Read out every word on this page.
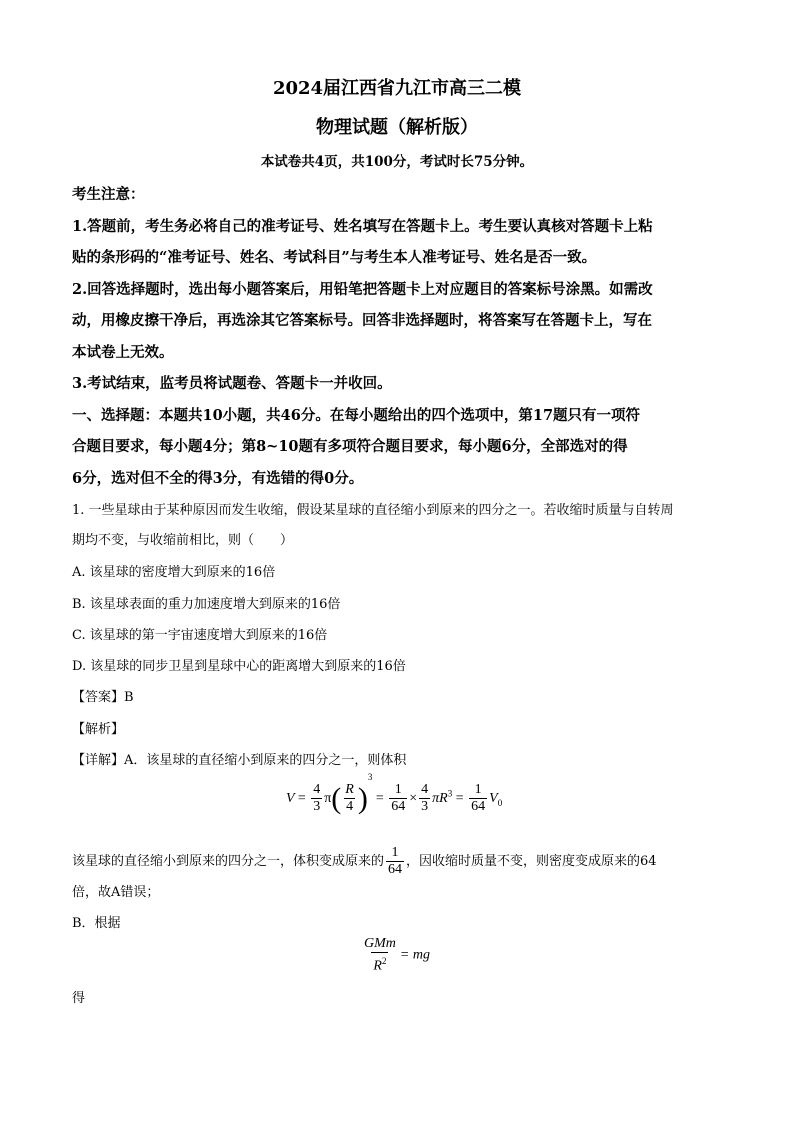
2024届江西省九江市高三二模
物理试题（解析版）
本试卷共4页，共100分，考试时长75分钟。
考生注意：
1.答题前，考生务必将自己的准考证号、姓名填写在答题卡上。考生要认真核对答题卡上粘
贴的条形码的“准考证号、姓名、考试科目”与考生本人准考证号、姓名是否一致。
2.回答选择题时，选出每小题答案后，用铅笔把答题卡上对应题目的答案标号涂黑。如需改
动，用橡皮擦干净后，再选涂其它答案标号。回答非选择题时，将答案写在答题卡上，写在
本试卷上无效。
3.考试结束，监考员将试题卷、答题卡一并收回。
一、选择题：本题共10小题，共46分。在每小题给出的四个选项中，第17题只有一项符
合题目要求，每小题4分；第8~10题有多项符合题目要求，每小题6分，全部选对的得
6分，选对但不全的得3分，有选错的得0分。
1. 一些星球由于某种原因而发生收缩，假设某星球的直径缩小到原来的四分之一。若收缩时质量与自转周
期均不变，与收缩前相比，则（　　）
A. 该星球的密度增大到原来的16倍
B. 该星球表面的重力加速度增大到原来的16倍
C. 该星球的第一宇宙速度增大到原来的16倍
D. 该星球的同步卫星到星球中心的距离增大到原来的16倍
【答案】B
【解析】
【详解】A．该星球的直径缩小到原来的四分之一，则体积
$V = \frac{4}{3} \pi( \frac{R}{4} )^3 = \frac{1}{64} \times \frac{4}{3} \pi R^3 = \frac{1}{64} V_0$
该星球的直径缩小到原来的四分之一，体积变成原来的 $\frac{1}{64}$ ，因收缩时质量不变，则密度变成原来的64
倍，故A错误；
B．根据
$\frac{\text{GMm}}{R^2}$ = mg
得
